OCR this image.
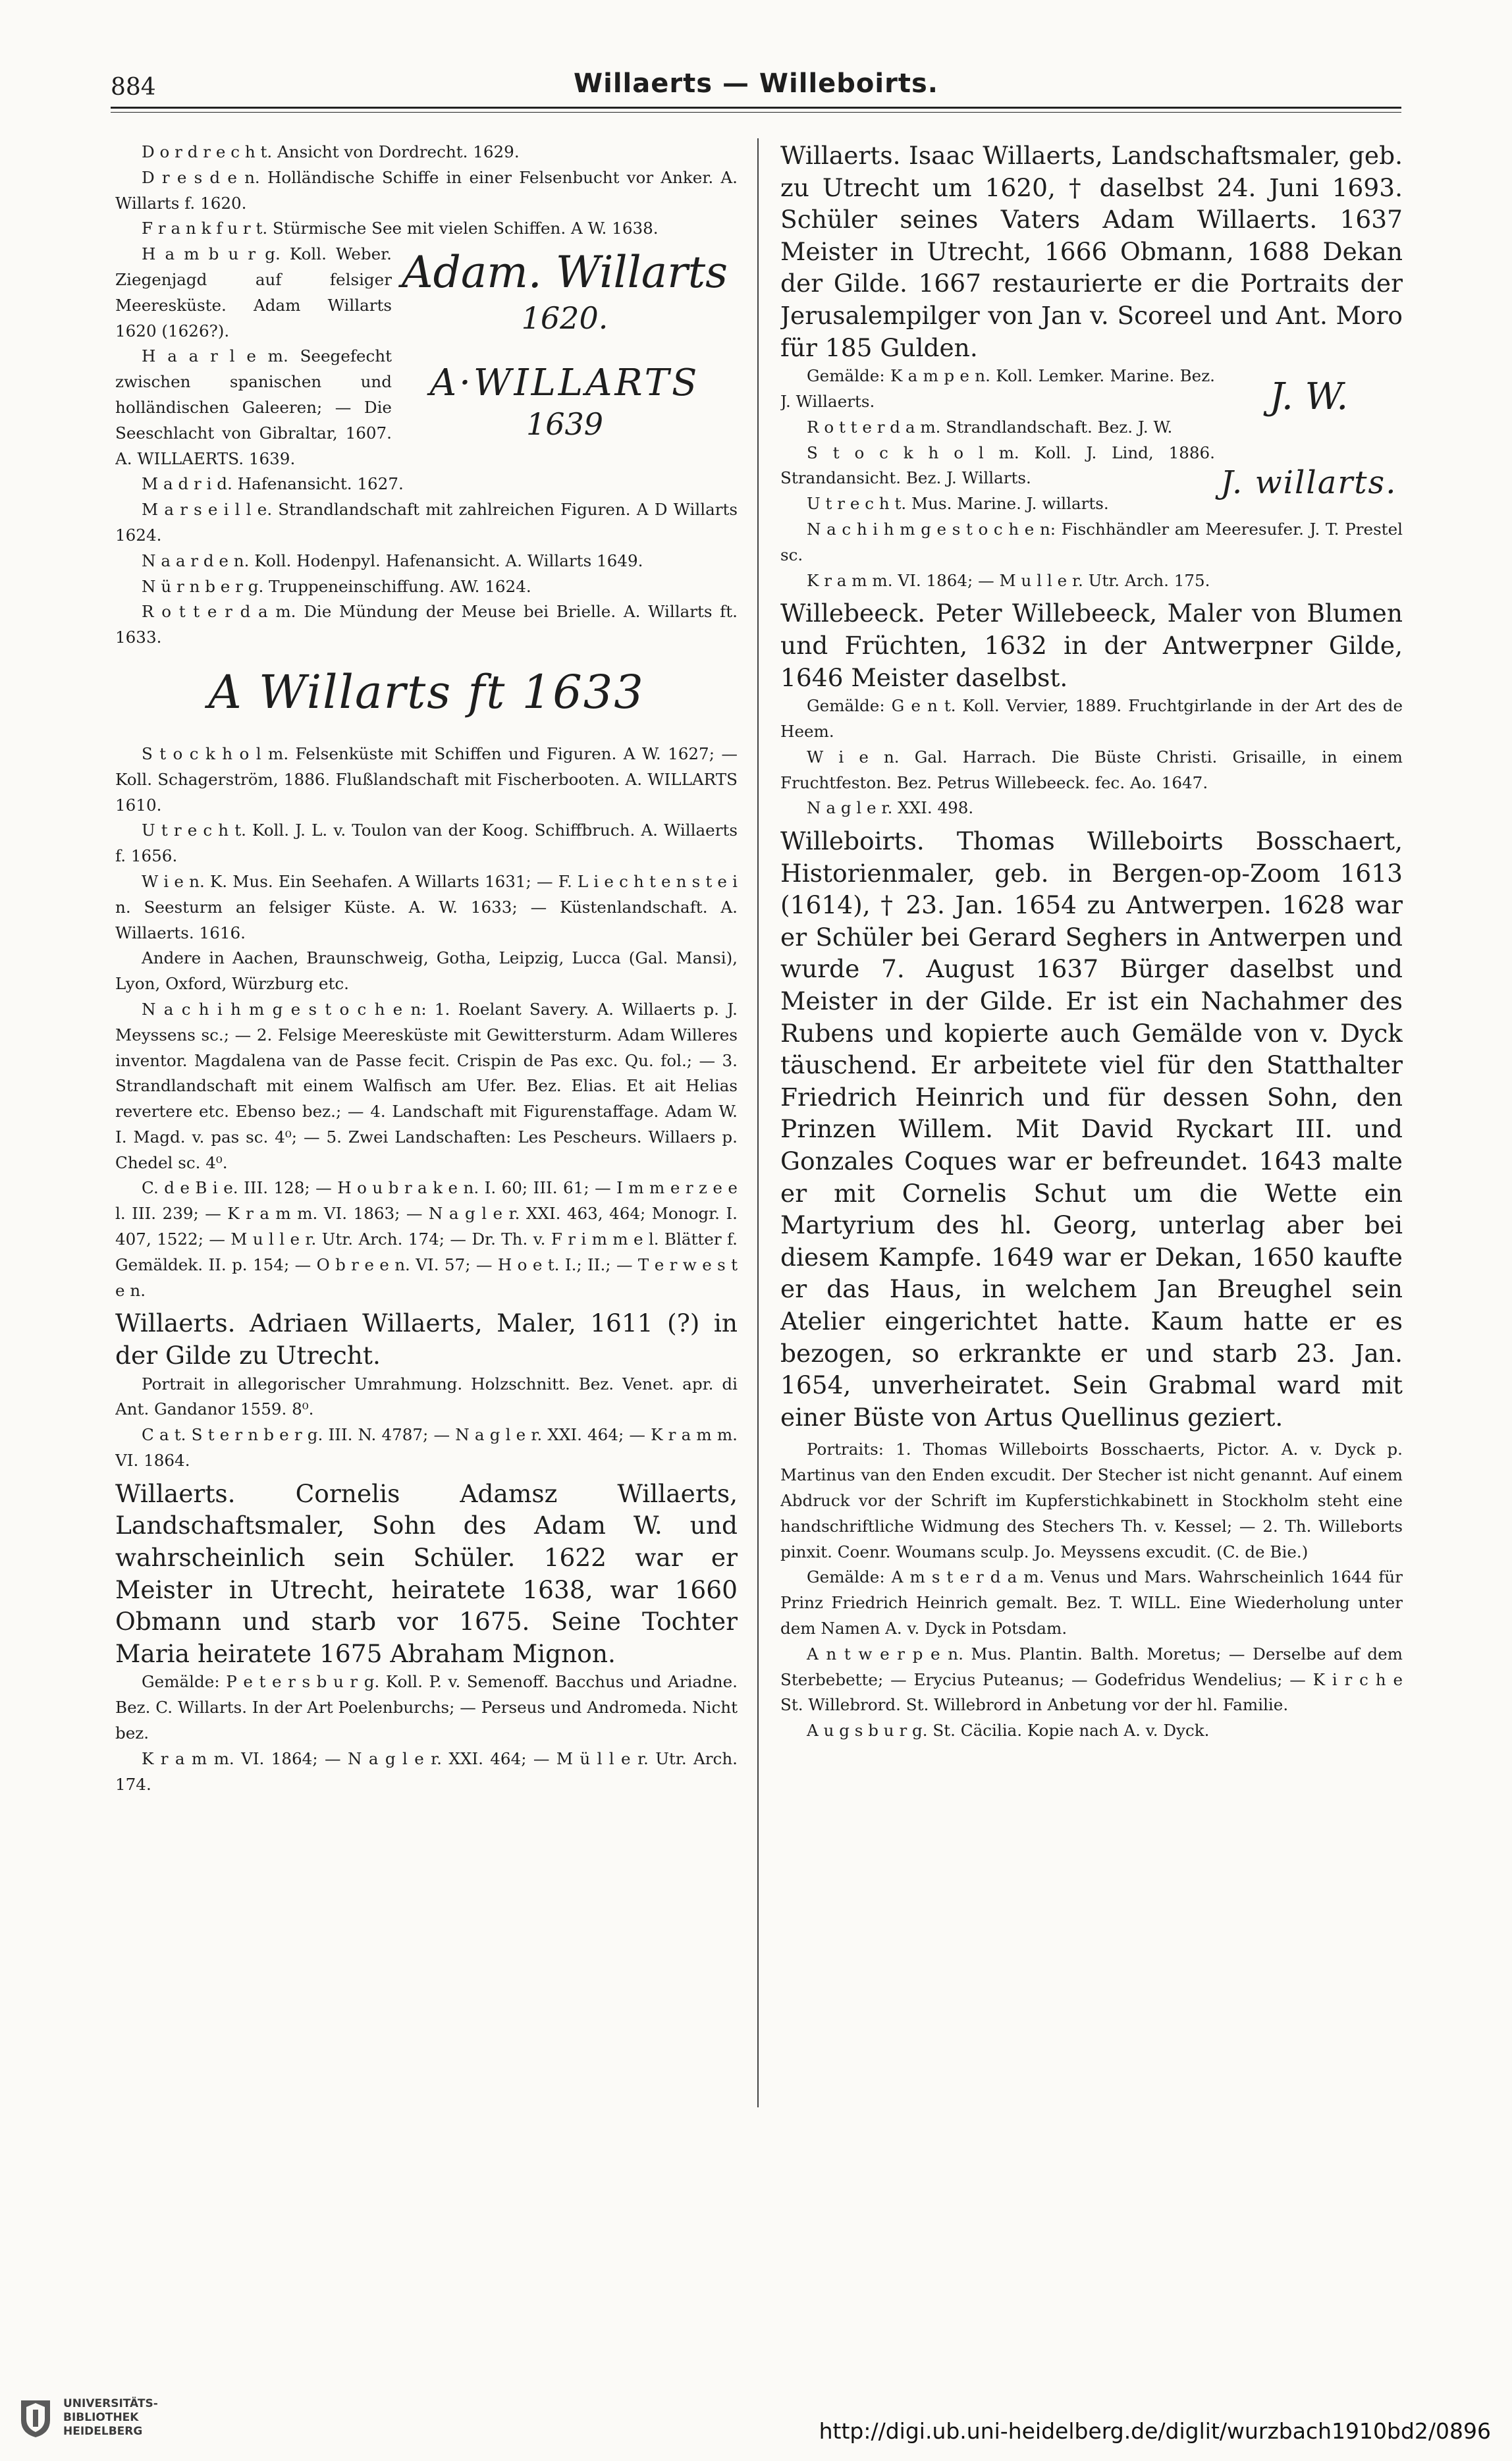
884	Willaerts — Willeboirts.

D o r d r e c h t. Ansicht von Dordrecht. 1629.

D r e s d e n. Holländische Schiffe in einer Felsenbucht vor Anker. A. Willarts f. 1620.

F r a n k f u r t. Stürmische See mit vielen Schiffen. A W. 1638.

H a m b u r g. Koll. Weber. Ziegenjagd auf felsiger Meeresküste. Adam Willarts 1620 (1626?).

H a a r l e m. Seegefecht zwischen spanischen und holländischen Galeeren; — Die Seeschlacht von Gibraltar, 1607. A. WILLAERTS. 1639.

Adam. Willarts
1620.
A·WILLARTS
1639

M a d r i d. Hafenansicht. 1627.

M a r s e i l l e. Strandlandschaft mit zahlreichen Figuren. A D Willarts 1624.

N a a r d e n. Koll. Hodenpyl. Hafenansicht. A. Willarts 1649.

N ü r n b e r g. Truppeneinschiffung. AW. 1624.

R o t t e r d a m. Die Mündung der Meuse bei Brielle. A. Willarts ft. 1633.

A Willarts ft 1633

S t o c k h o l m. Felsenküste mit Schiffen und Figuren. A W. 1627; — Koll. Schagerström, 1886. Flußlandschaft mit Fischerbooten. A. WILLARTS 1610.

U t r e c h t. Koll. J. L. v. Toulon van der Koog. Schiffbruch. A. Willaerts f. 1656.

W i e n. K. Mus. Ein Seehafen. A Willarts 1631; — F. L i e c h t e n s t e i n. Seesturm an felsiger Küste. A. W. 1633; — Küstenlandschaft. A. Willaerts. 1616.

Andere in Aachen, Braunschweig, Gotha, Leipzig, Lucca (Gal. Mansi), Lyon, Oxford, Würzburg etc.

N a c h i h m g e s t o c h e n: 1. Roelant Savery. A. Willaerts p. J. Meyssens sc.; — 2. Felsige Meeresküste mit Gewittersturm. Adam Willeres inventor. Magdalena van de Passe fecit. Crispin de Pas exc. Qu. fol.; — 3. Strandlandschaft mit einem Walfisch am Ufer. Bez. Elias. Et ait Helias revertere etc. Ebenso bez.; — 4. Landschaft mit Figurenstaffage. Adam W. I. Magd. v. pas sc. 4⁰; — 5. Zwei Landschaften: Les Pescheurs. Willaers p. Chedel sc. 4⁰.

C. d e B i e. III. 128; — H o u b r a k e n. I. 60; III. 61; — I m m e r z e e l. III. 239; — K r a m m. VI. 1863; — N a g l e r. XXI. 463, 464; Monogr. I. 407, 1522; — M u l l e r. Utr. Arch. 174; — Dr. Th. v. F r i m m e l. Blätter f. Gemäldek. II. p. 154; — O b r e e n. VI. 57; — H o e t. I.; II.; — T e r w e s t e n.

Willaerts. Adriaen Willaerts, Maler, 1611 (?) in der Gilde zu Utrecht.

Portrait in allegorischer Umrahmung. Holzschnitt. Bez. Venet. apr. di Ant. Gandanor 1559. 8⁰.

C a t. S t e r n b e r g. III. N. 4787; — N a g l e r. XXI. 464; — K r a m m. VI. 1864.

Willaerts. Cornelis Adamsz Willaerts, Landschaftsmaler, Sohn des Adam W. und wahrscheinlich sein Schüler. 1622 war er Meister in Utrecht, heiratete 1638, war 1660 Obmann und starb vor 1675. Seine Tochter Maria heiratete 1675 Abraham Mignon.

Gemälde: P e t e r s b u r g. Koll. P. v. Semenoff. Bacchus und Ariadne. Bez. C. Willarts. In der Art Poelenburchs; — Perseus und Andromeda. Nicht bez.

K r a m m. VI. 1864; — N a g l e r. XXI. 464; — M ü l l e r. Utr. Arch. 174.

Willaerts. Isaac Willaerts, Landschaftsmaler, geb. zu Utrecht um 1620, † daselbst 24. Juni 1693. Schüler seines Vaters Adam Willaerts. 1637 Meister in Utrecht, 1666 Obmann, 1688 Dekan der Gilde. 1667 restaurierte er die Portraits der Jerusalempilger von Jan v. Scoreel und Ant. Moro für 185 Gulden.

Gemälde: K a m p e n. Koll. Lemker. Marine. Bez. J. Willaerts.

R o t t e r d a m. Strandlandschaft. Bez. J. W.

S t o c k h o l m. Koll. J. Lind, 1886. Strandansicht. Bez. J. Willarts.

U t r e c h t. Mus. Marine. J. willarts.

J. W.
J. willarts.

N a c h i h m g e s t o c h e n: Fischhändler am Meeresufer. J. T. Prestel sc.

K r a m m. VI. 1864; — M u l l e r. Utr. Arch. 175.

Willebeeck. Peter Willebeeck, Maler von Blumen und Früchten, 1632 in der Antwerpner Gilde, 1646 Meister daselbst.

Gemälde: G e n t. Koll. Vervier, 1889. Fruchtgirlande in der Art des de Heem.

W i e n. Gal. Harrach. Die Büste Christi. Grisaille, in einem Fruchtfeston. Bez. Petrus Willebeeck. fec. Ao. 1647.

N a g l e r. XXI. 498.

Willeboirts. Thomas Willeboirts Bosschaert, Historienmaler, geb. in Bergen-op-Zoom 1613 (1614), † 23. Jan. 1654 zu Antwerpen. 1628 war er Schüler bei Gerard Seghers in Antwerpen und wurde 7. August 1637 Bürger daselbst und Meister in der Gilde. Er ist ein Nachahmer des Rubens und kopierte auch Gemälde von v. Dyck täuschend. Er arbeitete viel für den Statthalter Friedrich Heinrich und für dessen Sohn, den Prinzen Willem. Mit David Ryckart III. und Gonzales Coques war er befreundet. 1643 malte er mit Cornelis Schut um die Wette ein Martyrium des hl. Georg, unterlag aber bei diesem Kampfe. 1649 war er Dekan, 1650 kaufte er das Haus, in welchem Jan Breughel sein Atelier eingerichtet hatte. Kaum hatte er es bezogen, so erkrankte er und starb 23. Jan. 1654, unverheiratet. Sein Grabmal ward mit einer Büste von Artus Quellinus geziert.

Portraits: 1. Thomas Willeboirts Bosschaerts, Pictor. A. v. Dyck p. Martinus van den Enden excudit. Der Stecher ist nicht genannt. Auf einem Abdruck vor der Schrift im Kupferstichkabinett in Stockholm steht eine handschriftliche Widmung des Stechers Th. v. Kessel; — 2. Th. Willeborts pinxit. Coenr. Woumans sculp. Jo. Meyssens excudit. (C. de Bie.)

Gemälde: A m s t e r d a m. Venus und Mars. Wahrscheinlich 1644 für Prinz Friedrich Heinrich gemalt. Bez. T. WILL. Eine Wiederholung unter dem Namen A. v. Dyck in Potsdam.

A n t w e r p e n. Mus. Plantin. Balth. Moretus; — Derselbe auf dem Sterbebette; — Erycius Puteanus; — Godefridus Wendelius; — K i r c h e St. Willebrord. St. Willebrord in Anbetung vor der hl. Familie.

A u g s b u r g. St. Cäcilia. Kopie nach A. v. Dyck.

UNIVERSITÄTS-
BIBLIOTHEK
HEIDELBERG	http://digi.ub.uni-heidelberg.de/diglit/wurzbach1910bd2/0896
